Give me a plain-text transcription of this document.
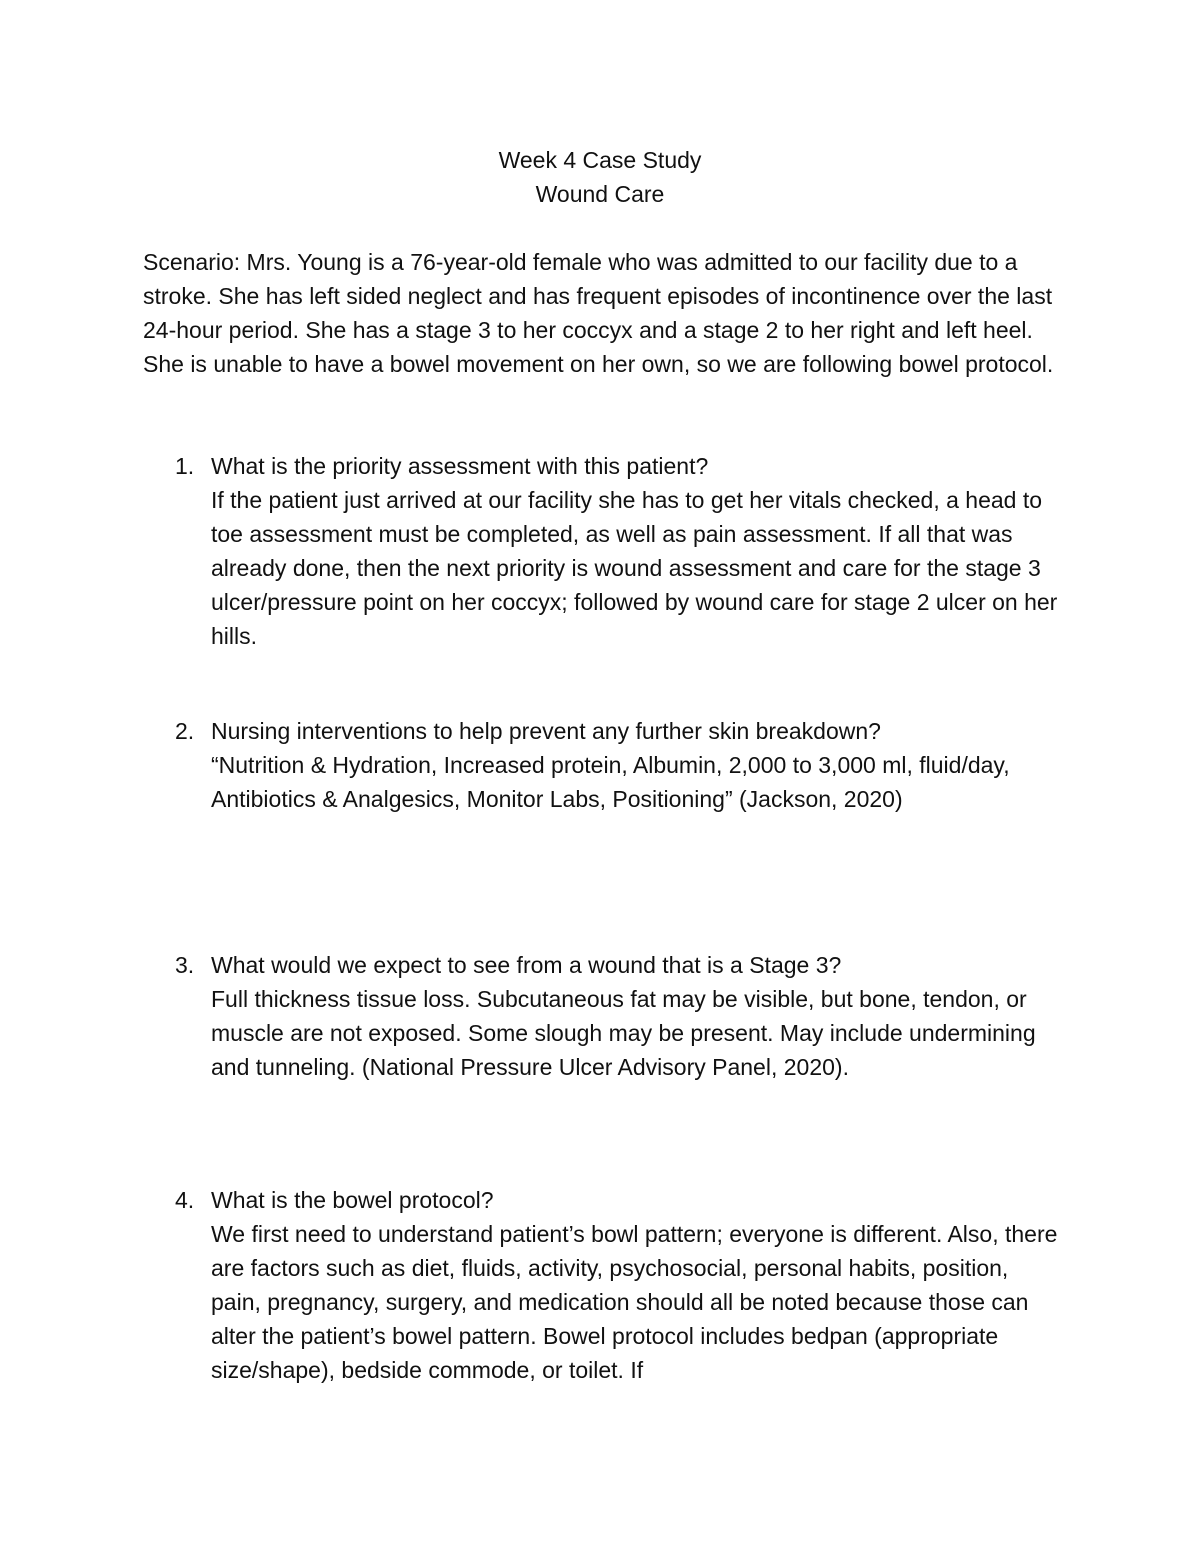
Week 4 Case Study
Wound Care

Scenario: Mrs. Young is a 76-year-old female who was admitted to our facility due to a stroke. She has left sided neglect and has frequent episodes of incontinence over the last 24-hour period. She has a stage 3 to her coccyx and a stage 2 to her right and left heel. She is unable to have a bowel movement on her own, so we are following bowel protocol.

1. What is the priority assessment with this patient?

If the patient just arrived at our facility she has to get her vitals checked, a head to toe assessment must be completed, as well as pain assessment. If all that was already done, then the next priority is wound assessment and care for the stage 3 ulcer/pressure point on her coccyx; followed by wound care for stage 2 ulcer on her hills.

2. Nursing interventions to help prevent any further skin breakdown?

“Nutrition & Hydration, Increased protein, Albumin, 2,000 to 3,000 ml, fluid/day, Antibiotics & Analgesics, Monitor Labs, Positioning” (Jackson, 2020)

3. What would we expect to see from a wound that is a Stage 3?

Full thickness tissue loss. Subcutaneous fat may be visible, but bone, tendon, or muscle are not exposed. Some slough may be present. May include undermining and tunneling. (National Pressure Ulcer Advisory Panel, 2020).

4. What is the bowel protocol?

We first need to understand patient’s bowl pattern; everyone is different. Also, there are factors such as diet, fluids, activity, psychosocial, personal habits, position, pain, pregnancy, surgery, and medication should all be noted because those can alter the patient’s bowel pattern. Bowel protocol includes bedpan (appropriate size/shape), bedside commode, or toilet. If
